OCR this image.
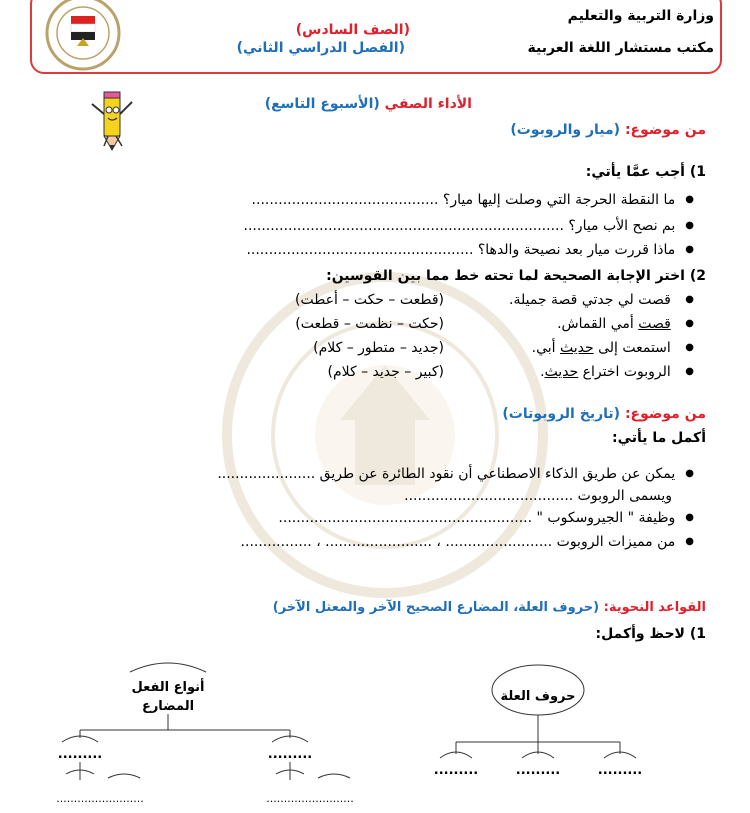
وزارة التربية والتعليم
مكتب مستشار اللغة العربية
(الصف السادس)
(الفصل الدراسي الثاني)
الأداء الصفي (الأسبوع التاسع)
من موضوع: (ميار والروبوت)
1) أجب عمَّا يأتي:
● ما النقطة الحرجة التي وصلت إليها ميار؟ ..........................................
● بم نصح الأب ميار؟ ........................................................................
● ماذا قررت ميار بعد نصيحة والدها؟ ...................................................
2) اختر الإجابة الصحيحة لما تحته خط مما بين القوسين:
● قصت لي جدتي قصة جميلة.
(قطعت – حكت – أعطت)
● قصت أمي القماش.
(حكت – نظمت – قطعت)
● استمعت إلى حديث أبي.
(جديد – متطور – كلام)
● الروبوت اختراع حديث.
(كبير – جديد – كلام)
من موضوع: (تاريخ الروبوتات)
أكمل ما يأتي:
● يمكن عن طريق الذكاء الاصطناعي أن نقود الطائرة عن طريق ......................
ويسمى الروبوت ......................................
● وظيفة " الجيروسكوب " .........................................................
● من مميزات الروبوت ........................ ، ........................ ، ................
القواعد النحوية: (حروف العلة، المضارع الصحيح الآخر والمعتل الآخر)
1) لاحظ وأكمل:
حروف العلة
.........	.........	.........
أنواع الفعل
المضارع
.........	.........
.........................	.........................
